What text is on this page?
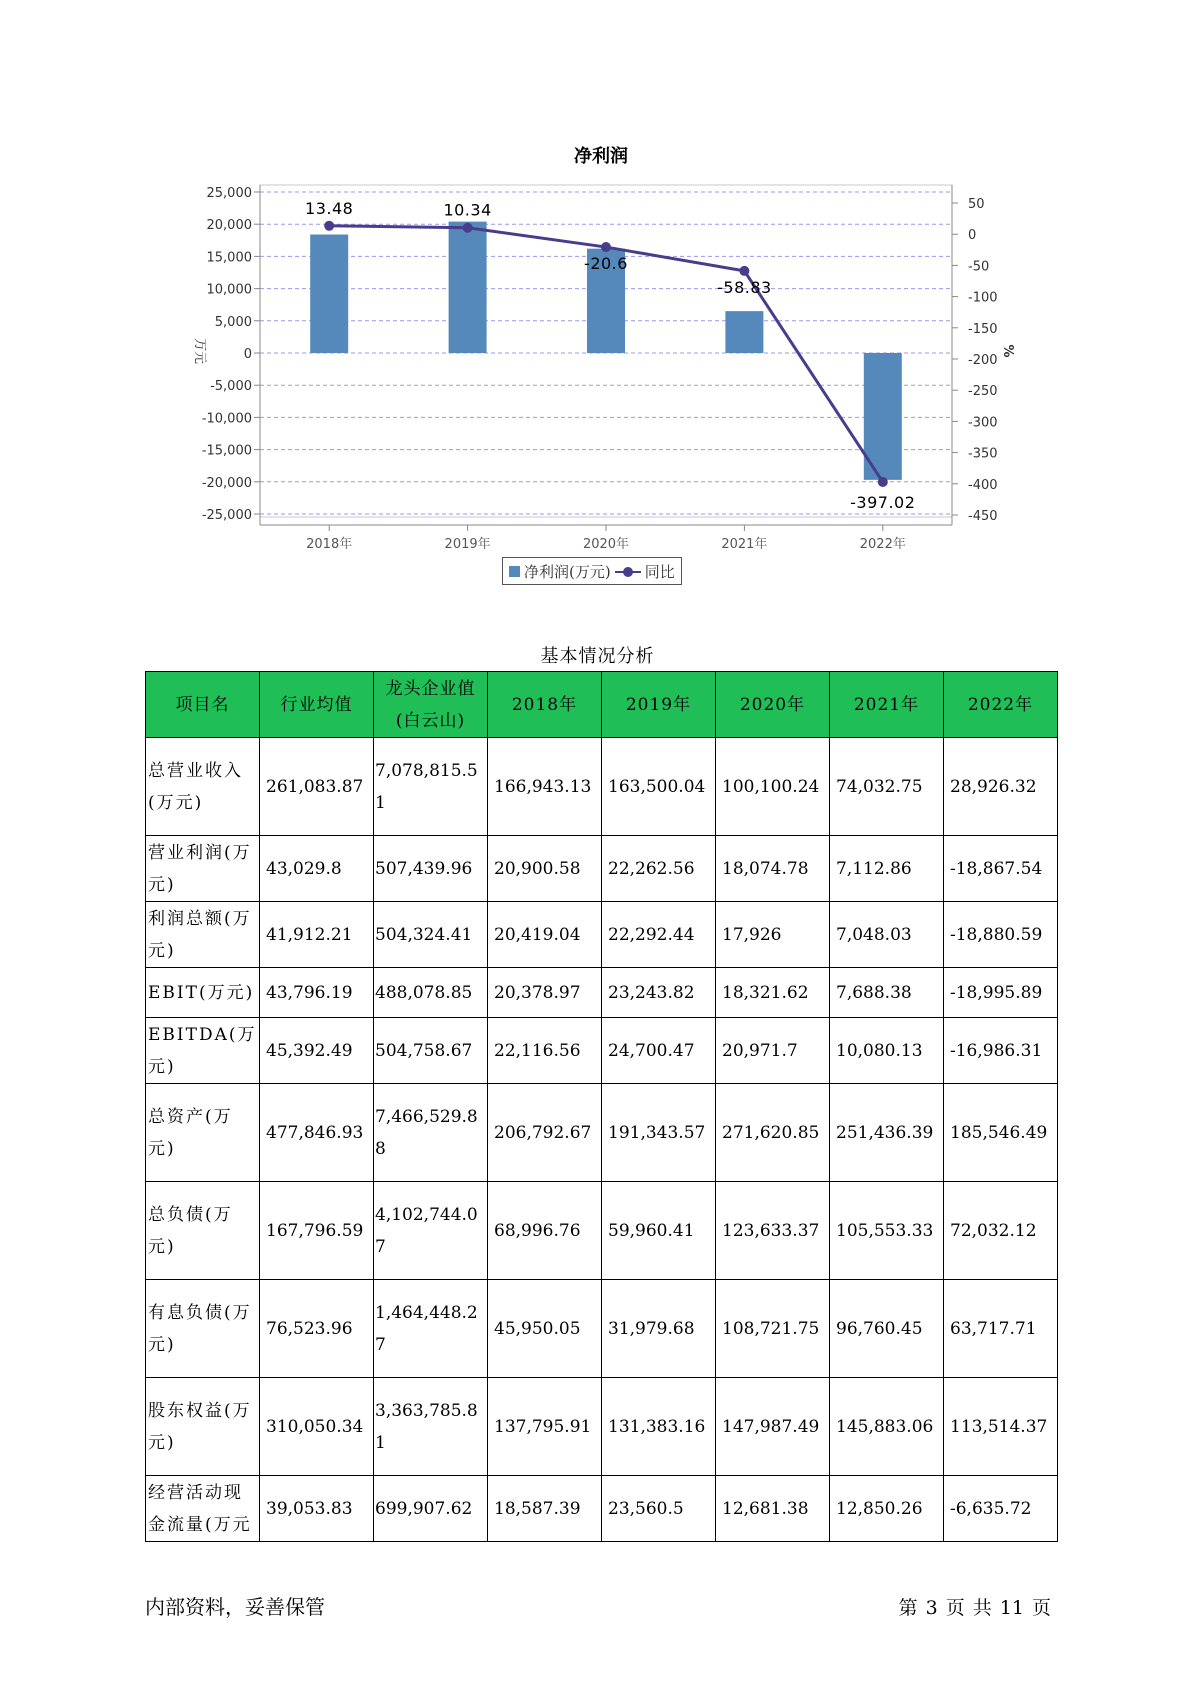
净利润
13.48	10.34
-20.6
-58.83
-397.02
25,000
20,000
15,000
10,000
5,000
0
-5,000
-10,000
-15,000
-20,000
-25,000
50
0
-50
-100
-150
-200
-250
-300
-350
-400
-450
万元	%
2018年	2019年	2020年	2021年	2022年
净利润(万元) 同比
基本情况分析
项目名	行业均值	龙头企业值(白云山)	2018年	2019年	2020年	2021年	2022年
总营业收入(万元)	261,083.87	7,078,815.51	166,943.13	163,500.04	100,100.24	74,032.75	28,926.32
营业利润(万元)	43,029.8	507,439.96	20,900.58	22,262.56	18,074.78	7,112.86	-18,867.54
利润总额(万元)	41,912.21	504,324.41	20,419.04	22,292.44	17,926	7,048.03	-18,880.59
EBIT(万元)	43,796.19	488,078.85	20,378.97	23,243.82	18,321.62	7,688.38	-18,995.89
EBITDA(万元)	45,392.49	504,758.67	22,116.56	24,700.47	20,971.7	10,080.13	-16,986.31
总资产(万元)	477,846.93	7,466,529.88	206,792.67	191,343.57	271,620.85	251,436.39	185,546.49
总负债(万元)	167,796.59	4,102,744.07	68,996.76	59,960.41	123,633.37	105,553.33	72,032.12
有息负债(万元)	76,523.96	1,464,448.27	45,950.05	31,979.68	108,721.75	96,760.45	63,717.71
股东权益(万元)	310,050.34	3,363,785.81	137,795.91	131,383.16	147,987.49	145,883.06	113,514.37
经营活动现金流量(万元	39,053.83	699,907.62	18,587.39	23,560.5	12,681.38	12,850.26	-6,635.72
内部资料，妥善保管	第 3 页 共 11 页
